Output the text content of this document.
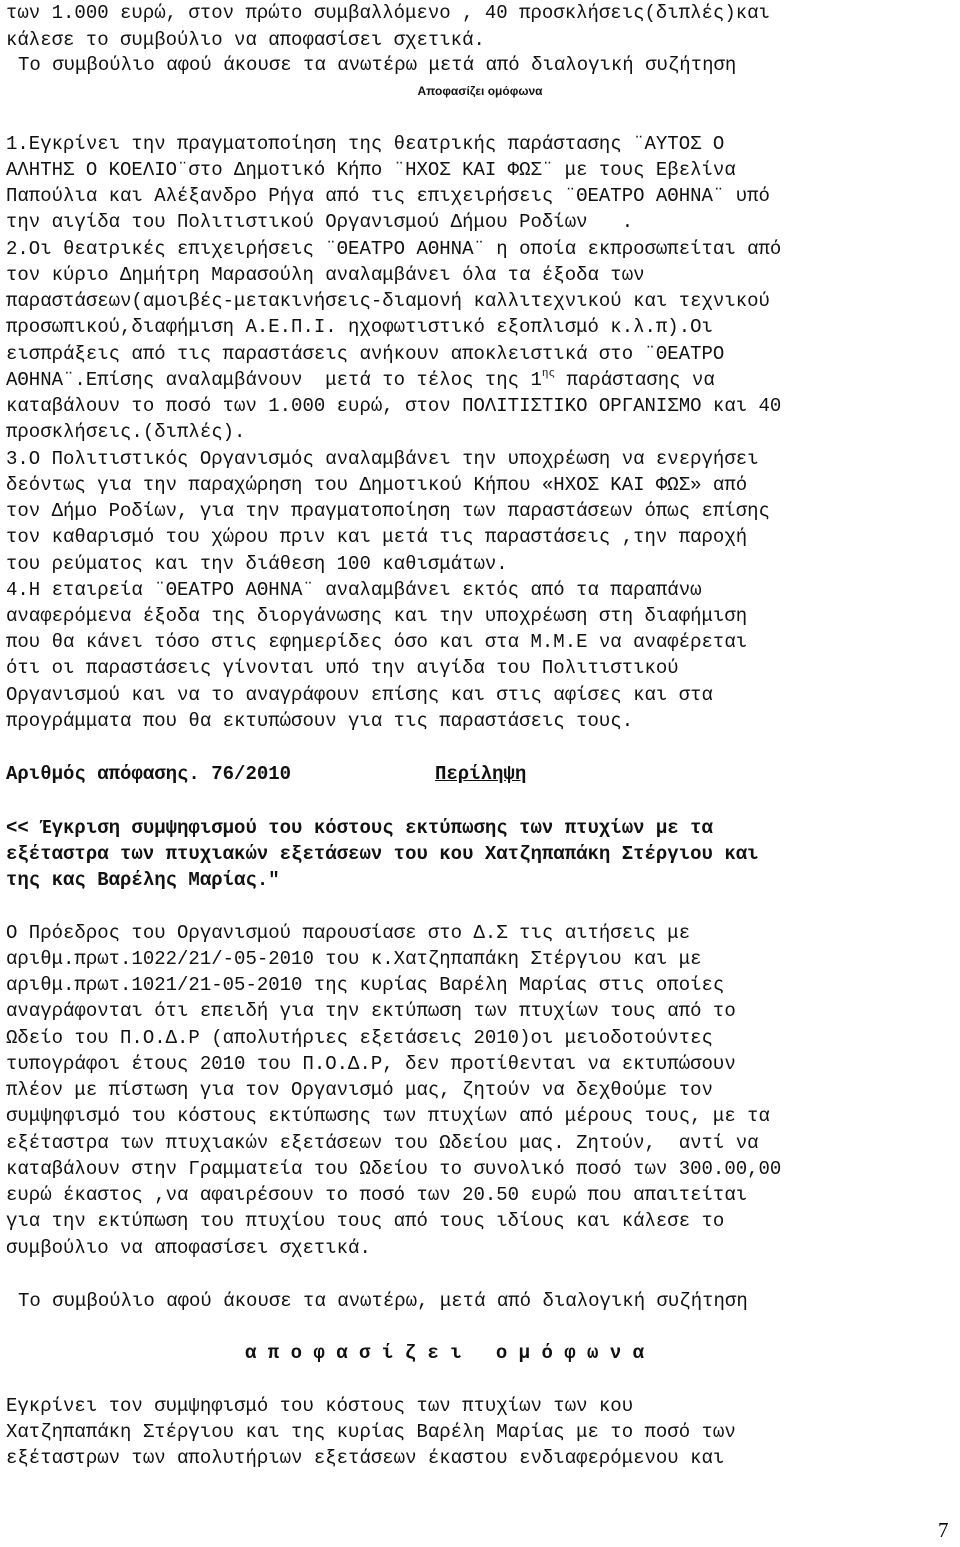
των 1.000 ευρώ, στον πρώτο συμβαλλόμενο , 40 προσκλήσεις(διπλές)και
κάλεσε το συμβούλιο να αποφασίσει σχετικά.
Το συμβούλιο αφού άκουσε τα ανωτέρω μετά από διαλογική συζήτηση
Αποφασίζει ομόφωνα
1.Εγκρίνει την πραγματοποίηση της θεατρικής παράστασης ¨ΑΥΤΟΣ Ο
ΑΛΗΤΗΣ Ο ΚΟΕΛΙΟ¨στο Δημοτικό Κήπο ¨ΗΧΟΣ ΚΑΙ ΦΩΣ¨ με τους Εβελίνα
Παπούλια και Αλέξανδρο Ρήγα από τις επιχειρήσεις ¨ΘΕΑΤΡΟ ΑΘΗΝΑ¨ υπό
την αιγίδα του Πολιτιστικού Οργανισμού Δήμου Ροδίων   .
2.Οι θεατρικές επιχειρήσεις ¨ΘΕΑΤΡΟ ΑΘΗΝΑ¨ η οποία εκπροσωπείται από
τον κύριο Δημήτρη Μαρασούλη αναλαμβάνει όλα τα έξοδα των
παραστάσεων(αμοιβές-μετακινήσεις-διαμονή καλλιτεχνικού και τεχνικού
προσωπικού,διαφήμιση Α.Ε.Π.Ι. ηχοφωτιστικό εξοπλισμό κ.λ.π).Οι
εισπράξεις από τις παραστάσεις ανήκουν αποκλειστικά στο ¨ΘΕΑΤΡΟ
ΑΘΗΝΑ¨.Επίσης αναλαμβάνουν  μετά το τέλος της $1^{\eta\varsigma}$ παράστασης να
καταβάλουν το ποσό των 1.000 ευρώ, στον ΠΟΛΙΤΙΣΤΙΚΟ ΟΡΓΑΝΙΣΜΟ και 40
προσκλήσεις.(διπλές).
3.Ο Πολιτιστικός Οργανισμός αναλαμβάνει την υποχρέωση να ενεργήσει
δεόντως για την παραχώρηση του Δημοτικού Κήπου «ΗΧΟΣ ΚΑΙ ΦΩΣ» από
τον Δήμο Ροδίων, για την πραγματοποίηση των παραστάσεων όπως επίσης
τον καθαρισμό του χώρου πριν και μετά τις παραστάσεις ,την παροχή
του ρεύματος και την διάθεση 100 καθισμάτων.
4.Η εταιρεία ¨ΘΕΑΤΡΟ ΑΘΗΝΑ¨ αναλαμβάνει εκτός από τα παραπάνω
αναφερόμενα έξοδα της διοργάνωσης και την υποχρέωση στη διαφήμιση
που θα κάνει τόσο στις εφημερίδες όσο και στα Μ.Μ.Ε να αναφέρεται
ότι οι παραστάσεις γίνονται υπό την αιγίδα του Πολιτιστικού
Οργανισμού και να το αναγράφουν επίσης και στις αφίσες και στα
προγράμματα που θα εκτυπώσουν για τις παραστάσεις τους.
Αριθμός απόφασης. 76/2010	Περίληψη
<< Έγκριση συμψηφισμού του κόστους εκτύπωσης των πτυχίων με τα
εξέταστρα των πτυχιακών εξετάσεων του κου Χατζηπαπάκη Στέργιου και
της κας Βαρέλης Μαρίας."
Ο Πρόεδρος του Οργανισμού παρουσίασε στο Δ.Σ τις αιτήσεις με
αριθμ.πρωτ.1022/21/-05-2010 του κ.Χατζηπαπάκη Στέργιου και με
αριθμ.πρωτ.1021/21-05-2010 της κυρίας Βαρέλη Μαρίας στις οποίες
αναγράφονται ότι επειδή για την εκτύπωση των πτυχίων τους από το
Ωδείο του Π.Ο.Δ.Ρ (απολυτήριες εξετάσεις 2010)οι μειοδοτούντες
τυπογράφοι έτους 2010 του Π.Ο.Δ.Ρ, δεν προτίθενται να εκτυπώσουν
πλέον με πίστωση για τον Οργανισμό μας, ζητούν να δεχθούμε τον
συμψηφισμό του κόστους εκτύπωσης των πτυχίων από μέρους τους, με τα
εξέταστρα των πτυχιακών εξετάσεων του Ωδείου μας. Ζητούν,  αντί να
καταβάλουν στην Γραμματεία του Ωδείου το συνολικό ποσό των 300.00,00
ευρώ έκαστος ,να αφαιρέσουν το ποσό των 20.50 ευρώ που απαιτείται
για την εκτύπωση του πτυχίου τους από τους ιδίους και κάλεσε το
συμβούλιο να αποφασίσει σχετικά.
Το συμβούλιο αφού άκουσε τα ανωτέρω, μετά από διαλογική συζήτηση
α π ο φ α σ ί ζ ε ι   ο μ ό φ ω ν α
Εγκρίνει τον συμψηφισμό του κόστους των πτυχίων των κου
Χατζηπαπάκη Στέργιου και της κυρίας Βαρέλη Μαρίας με το ποσό των
εξέταστρων των απολυτήριων εξετάσεων έκαστου ενδιαφερόμενου και
7
